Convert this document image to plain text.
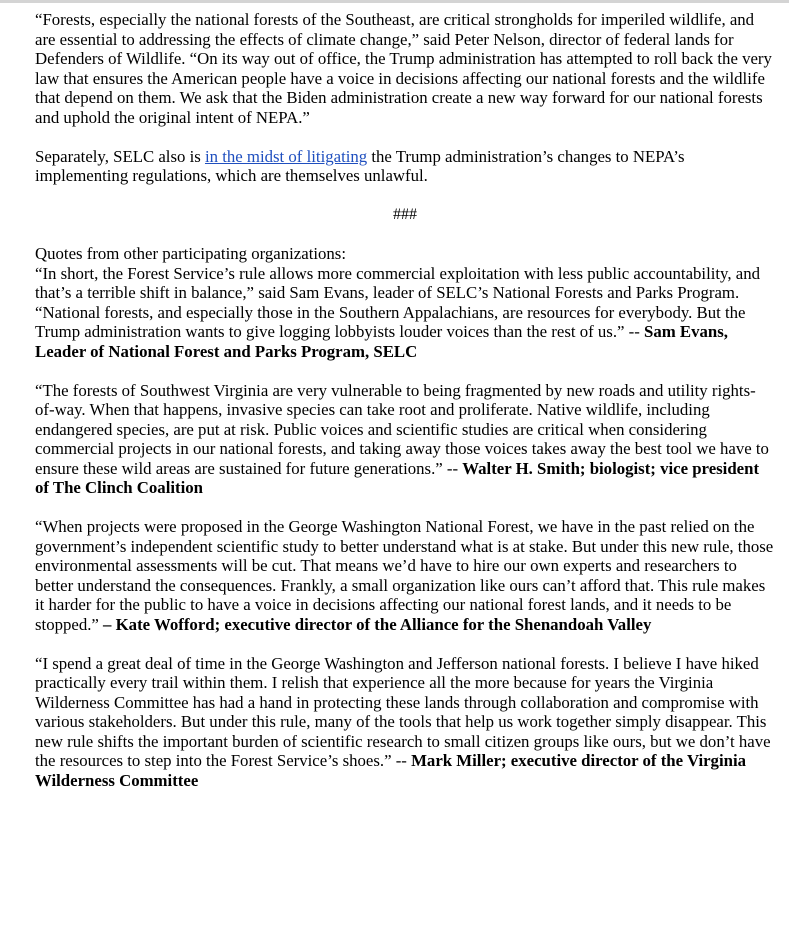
“Forests, especially the national forests of the Southeast, are critical strongholds for imperiled wildlife, and are essential to addressing the effects of climate change,” said Peter Nelson, director of federal lands for Defenders of Wildlife. “On its way out of office, the Trump administration has attempted to roll back the very law that ensures the American people have a voice in decisions affecting our national forests and the wildlife that depend on them. We ask that the Biden administration create a new way forward for our national forests and uphold the original intent of NEPA.”

Separately, SELC also is in the midst of litigating the Trump administration’s changes to NEPA’s implementing regulations, which are themselves unlawful.

###

Quotes from other participating organizations:

“In short, the Forest Service’s rule allows more commercial exploitation with less public accountability, and that’s a terrible shift in balance,” said Sam Evans, leader of SELC’s National Forests and Parks Program. “National forests, and especially those in the Southern Appalachians, are resources for everybody. But the Trump administration wants to give logging lobbyists louder voices than the rest of us.” -- Sam Evans, Leader of National Forest and Parks Program, SELC

“The forests of Southwest Virginia are very vulnerable to being fragmented by new roads and utility rights-of-way. When that happens, invasive species can take root and proliferate. Native wildlife, including endangered species, are put at risk. Public voices and scientific studies are critical when considering commercial projects in our national forests, and taking away those voices takes away the best tool we have to ensure these wild areas are sustained for future generations.” -- Walter H. Smith; biologist; vice president of The Clinch Coalition

“When projects were proposed in the George Washington National Forest, we have in the past relied on the government’s independent scientific study to better understand what is at stake. But under this new rule, those environmental assessments will be cut. That means we’d have to hire our own experts and researchers to better understand the consequences. Frankly, a small organization like ours can’t afford that. This rule makes it harder for the public to have a voice in decisions affecting our national forest lands, and it needs to be stopped.” – Kate Wofford; executive director of the Alliance for the Shenandoah Valley

“I spend a great deal of time in the George Washington and Jefferson national forests. I believe I have hiked practically every trail within them. I relish that experience all the more because for years the Virginia Wilderness Committee has had a hand in protecting these lands through collaboration and compromise with various stakeholders. But under this rule, many of the tools that help us work together simply disappear. This new rule shifts the important burden of scientific research to small citizen groups like ours, but we don’t have the resources to step into the Forest Service’s shoes.” -- Mark Miller; executive director of the Virginia Wilderness Committee
